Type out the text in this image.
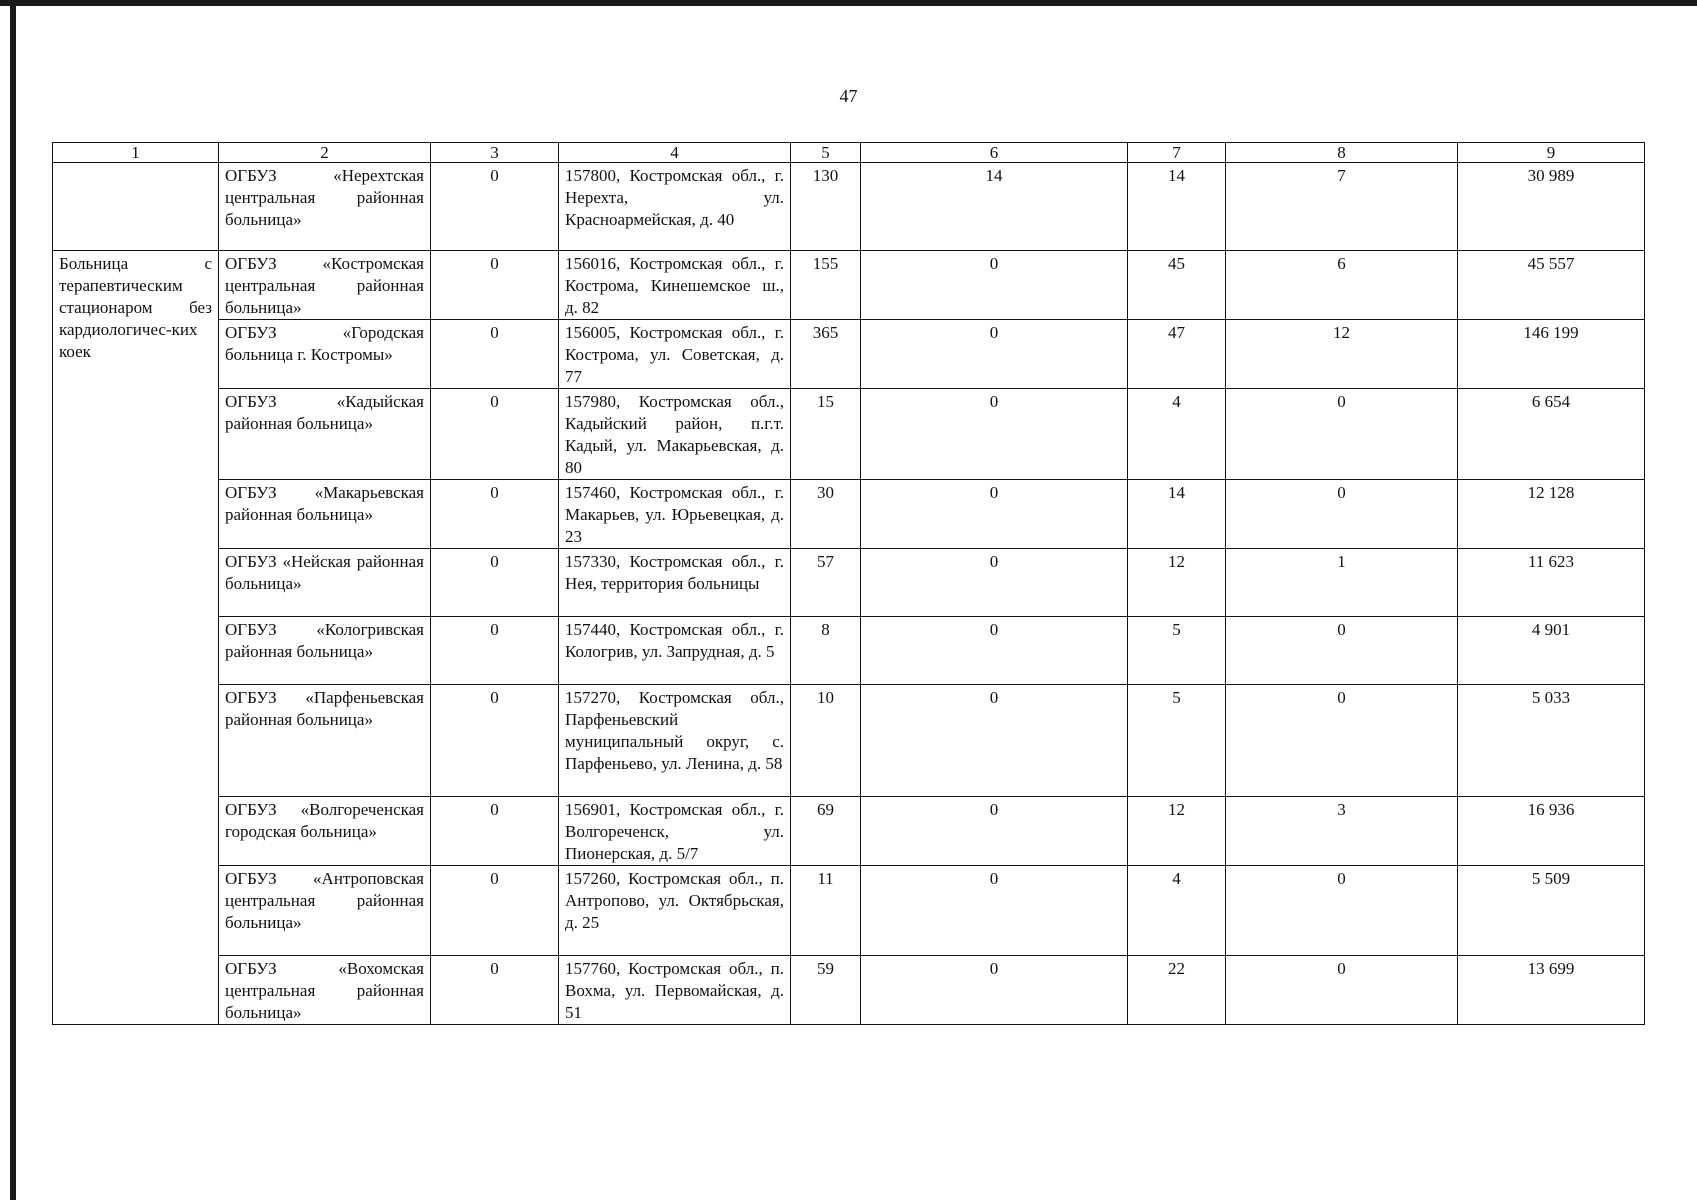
47
1	2	3	4	5	6	7	8	9
	ОГБУЗ «Нерехтская центральная районная больница»	0	157800, Костромская обл., г. Нерехта, ул. Красноармейская, д. 40	130	14	14	7	30 989
Больница с терапевтическим стационаром без кардиологичес-ких коек	ОГБУЗ «Костромская центральная районная больница»	0	156016, Костромская обл., г. Кострома, Кинешемское ш., д. 82	155	0	45	6	45 557
	ОГБУЗ «Городская больница г. Костромы»	0	156005, Костромская обл., г. Кострома, ул. Советская, д. 77	365	0	47	12	146 199
	ОГБУЗ «Кадыйская районная больница»	0	157980, Костромская обл., Кадыйский район, п.г.т. Кадый, ул. Макарьевская, д. 80	15	0	4	0	6 654
	ОГБУЗ «Макарьевская районная больница»	0	157460, Костромская обл., г. Макарьев, ул. Юрьевецкая, д. 23	30	0	14	0	12 128
	ОГБУЗ «Нейская районная больница»	0	157330, Костромская обл., г. Нея, территория больницы	57	0	12	1	11 623
	ОГБУЗ «Кологривская районная больница»	0	157440, Костромская обл., г. Кологрив, ул. Запрудная, д. 5	8	0	5	0	4 901
	ОГБУЗ «Парфеньевская районная больница»	0	157270, Костромская обл., Парфеньевский муниципальный округ, с. Парфеньево, ул. Ленина, д. 58	10	0	5	0	5 033
	ОГБУЗ «Волгореченская городская больница»	0	156901, Костромская обл., г. Волгореченск, ул. Пионерская, д. 5/7	69	0	12	3	16 936
	ОГБУЗ «Антроповская центральная районная больница»	0	157260, Костромская обл., п. Антропово, ул. Октябрьская, д. 25	11	0	4	0	5 509
	ОГБУЗ «Вохомская центральная районная больница»	0	157760, Костромская обл., п. Вохма, ул. Первомайская, д. 51	59	0	22	0	13 699
